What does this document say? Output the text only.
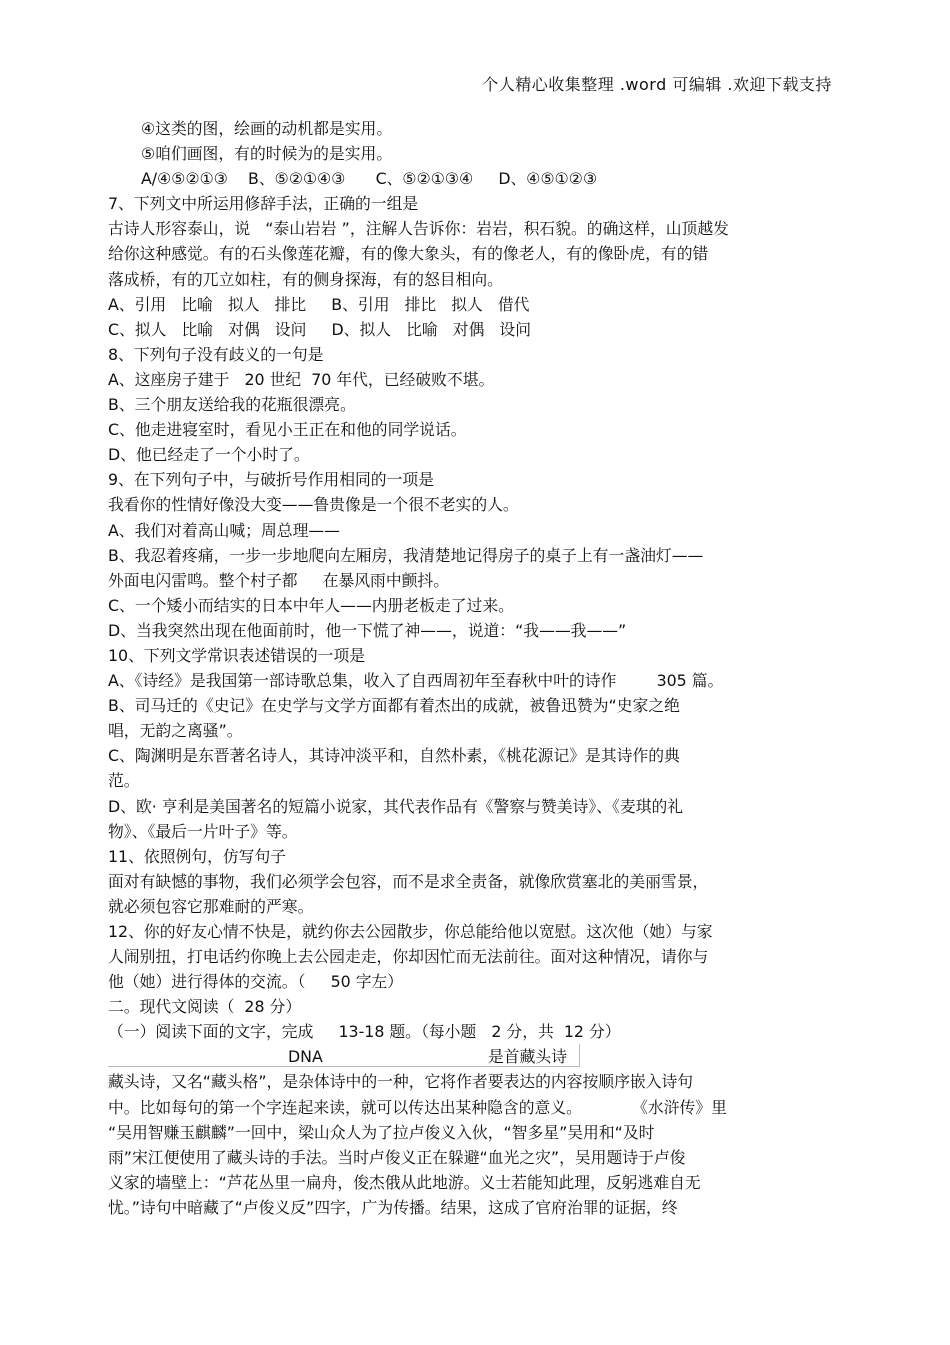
个人精心收集整理 .word 可编辑 .欢迎下载支持
④这类的图，绘画的动机都是实用。
⑤咱们画图，有的时候为的是实用。
A/④⑤②①③    B、⑤②①④③      C、⑤②①③④     D、④⑤①②③
7、下列文中所运用修辞手法，正确的一组是
古诗人形容泰山，说   “泰山岩岩 ”，注解人告诉你：岩岩，积石貌。的确这样，山顶越发
给你这种感觉。有的石头像莲花瓣，有的像大象头，有的像老人，有的像卧虎，有的错
落成桥，有的兀立如柱，有的侧身探海，有的怒目相向。
A、引用   比喻   拟人   排比     B、引用   排比   拟人   借代
C、拟人   比喻   对偶   设问     D、拟人   比喻   对偶   设问
8、下列句子没有歧义的一句是
A、这座房子建于   20 世纪  70 年代，已经破败不堪。
B、三个朋友送给我的花瓶很漂亮。
C、他走进寝室时，看见小王正在和他的同学说话。
D、他已经走了一个小时了。
9、在下列句子中，与破折号作用相同的一项是
我看你的性情好像没大变——鲁贵像是一个很不老实的人。
A、我们对着高山喊；周总理——
B、我忍着疼痛，一步一步地爬向左厢房，我清楚地记得房子的桌子上有一盏油灯——
外面电闪雷鸣。整个村子都     在暴风雨中颤抖。
C、一个矮小而结实的日本中年人——内册老板走了过来。
D、当我突然出现在他面前时，他一下慌了神——，说道：“我——我——”
10、下列文学常识表述错误的一项是
A、《诗经》是我国第一部诗歌总集，收入了自西周初年至春秋中叶的诗作        305 篇。
B、司马迁的《史记》在史学与文学方面都有着杰出的成就，被鲁迅赞为“史家之绝
唱，无韵之离骚”。
C、陶渊明是东晋著名诗人，其诗冲淡平和，自然朴素，《桃花源记》是其诗作的典
范。
D、欧· 亨利是美国著名的短篇小说家，其代表作品有《警察与赞美诗》、《麦琪的礼
物》、《最后一片叶子》等。
11、依照例句，仿写句子
面对有缺憾的事物，我们必须学会包容，而不是求全责备，就像欣赏塞北的美丽雪景，
就必须包容它那难耐的严寒。
12、你的好友心情不快是，就约你去公园散步，你总能给他以宽慰。这次他（她）与家
人闹别扭，打电话约你晚上去公园走走，你却因忙而无法前往。面对这种情况，请你与
他（她）进行得体的交流。（     50 字左）
二。现代文阅读（  28 分）
（一）阅读下面的文字，完成     13-18 题。（每小题   2 分，共  12 分）
DNA	是首藏头诗
藏头诗，又名“藏头格”，是杂体诗中的一种，它将作者要表达的内容按顺序嵌入诗句
中。比如每句的第一个字连起来读，就可以传达出某种隐含的意义。          《水浒传》里
“吴用智赚玉麒麟”一回中，梁山众人为了拉卢俊义入伙，“智多星”吴用和“及时
雨”宋江便使用了藏头诗的手法。当时卢俊义正在躲避“血光之灾”，吴用题诗于卢俊
义家的墙壁上：“芦花丛里一扁舟，俊杰俄从此地游。义士若能知此理，反躬逃难自无
忧。”诗句中暗藏了“卢俊义反”四字，广为传播。结果，这成了官府治罪的证据，终
